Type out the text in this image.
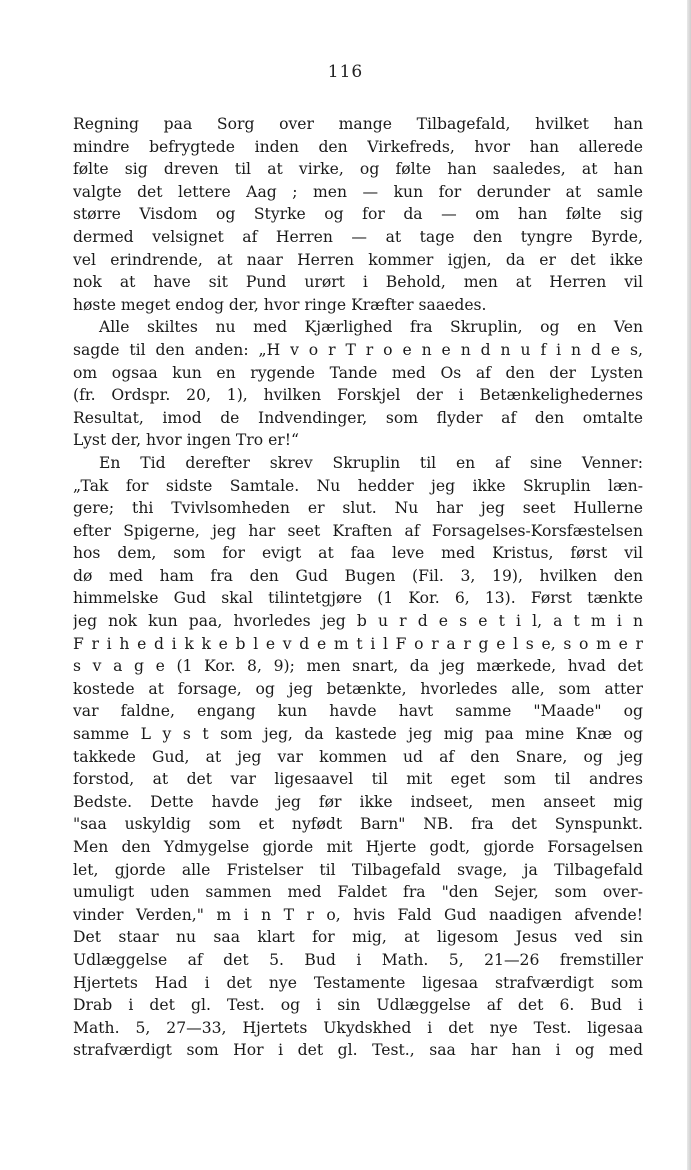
116
Regning paa Sorg over mange Tilbagefald, hvilket han
mindre befrygtede inden den Virkefreds, hvor han allerede
følte sig dreven til at virke, og følte han saaledes, at han
valgte det lettere Aag ; men — kun for derunder at samle
større Visdom og Styrke og for da — om han følte sig
dermed velsignet af Herren — at tage den tyngre Byrde,
vel erindrende, at naar Herren kommer igjen, da er det ikke
nok at have sit Pund urørt i Behold, men at Herren vil
høste meget endog der, hvor ringe Kræfter saaedes.
Alle skiltes nu med Kjærlighed fra Skruplin, og en Ven
sagde til den anden: „H v o r T r o e n e n d n u f i n d e s,
om ogsaa kun en rygende Tande med Os af den der Lysten
(fr. Ordspr. 20, 1), hvilken Forskjel der i Betænkelighedernes
Resultat, imod de Indvendinger, som flyder af den omtalte
Lyst der, hvor ingen Tro er!“
En Tid derefter skrev Skruplin til en af sine Venner:
„Tak for sidste Samtale. Nu hedder jeg ikke Skruplin læn-
gere; thi Tvivlsomheden er slut. Nu har jeg seet Hullerne
efter Spigerne, jeg har seet Kraften af Forsagelses-Korsfæstelsen
hos dem, som for evigt at faa leve med Kristus, først vil
dø med ham fra den Gud Bugen (Fil. 3, 19), hvilken den
himmelske Gud skal tilintetgjøre (1 Kor. 6, 13). Først tænkte
jeg nok kun paa, hvorledes jeg b u r d e s e t i l, a t m i n
F r i h e d i k k e b l e v d e m t i l F o r a r g e l s e, s o m e r
s v a g e (1 Kor. 8, 9); men snart, da jeg mærkede, hvad det
kostede at forsage, og jeg betænkte, hvorledes alle, som atter
var faldne, engang kun havde havt samme "Maade" og
samme L y s t som jeg, da kastede jeg mig paa mine Knæ og
takkede Gud, at jeg var kommen ud af den Snare, og jeg
forstod, at det var ligesaavel til mit eget som til andres
Bedste. Dette havde jeg før ikke indseet, men anseet mig
"saa uskyldig som et nyfødt Barn" NB. fra det Synspunkt.
Men den Ydmygelse gjorde mit Hjerte godt, gjorde Forsagelsen
let, gjorde alle Fristelser til Tilbagefald svage, ja Tilbagefald
umuligt uden sammen med Faldet fra "den Sejer, som over-
vinder Verden," m i n T r o, hvis Fald Gud naadigen afvende!
Det staar nu saa klart for mig, at ligesom Jesus ved sin
Udlæggelse af det 5. Bud i Math. 5, 21—26 fremstiller
Hjertets Had i det nye Testamente ligesaa strafværdigt som
Drab i det gl. Test. og i sin Udlæggelse af det 6. Bud i
Math. 5, 27—33, Hjertets Ukydskhed i det nye Test. ligesaa
strafværdigt som Hor i det gl. Test., saa har han i og med
